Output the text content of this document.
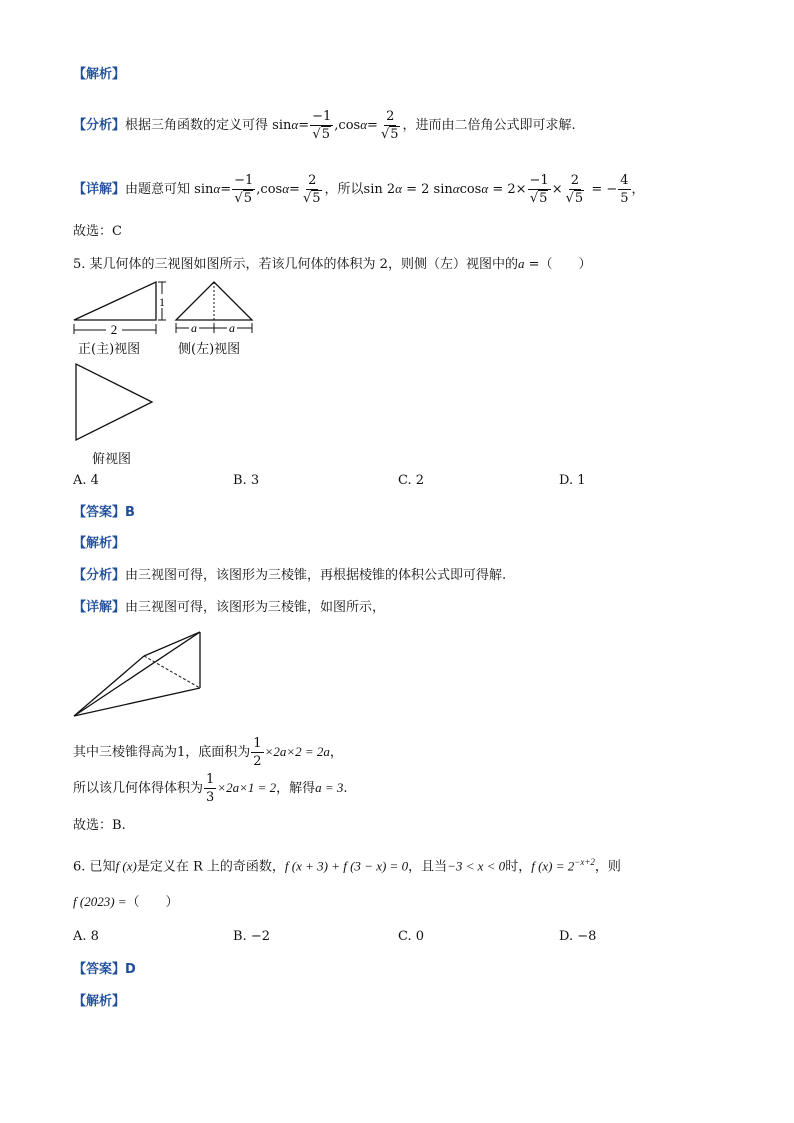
【解析】
【分析】根据三角函数的定义可得 $\sin\alpha= \frac{-1}{√5} ,\cos\alpha= \frac{2}{√5}$ ，进而由二倍角公式即可求解.
【详解】由题意可知 $\sin\alpha= \frac{-1}{√5} ,\cos\alpha= \frac{2}{√5}$ ，所以sin 2α = 2 $\sin\alpha\cos\alpha = 2\times \frac{-1}{√5} \times \frac{2}{√5}$ = − $\frac{4}{5}$ ，
故选：C
5. 某几何体的三视图如图所示，若该几何体的体积为 2，则侧（左）视图中的a =（　　）
2
1
a	a
正(主)视图	侧(左)视图
俯视图
A. 4	B. 3	C. 2	D. 1
【答案】B
【解析】
【分析】由三视图可得，该图形为三棱锥，再根据棱锥的体积公式即可得解.
【详解】由三视图可得，该图形为三棱锥，如图所示，
其中三棱锥得高为1，底面积为 $\frac{1}{2} \times 2a\times 2 = 2a$，
所以该几何体得体积为 $\frac{1}{3} \times 2a\times 1 = 2$，解得a = 3.
故选：B.
6. 已知f (x)是定义在 R 上的奇函数，f (x + 3) + f (3 − x) = 0，且当−3 < x < 0时，f $(x) = 2^{-x+2}$，则
f (2023) =（　　）
A. 8	B. −2	C. 0	D. −8
【答案】D
【解析】
